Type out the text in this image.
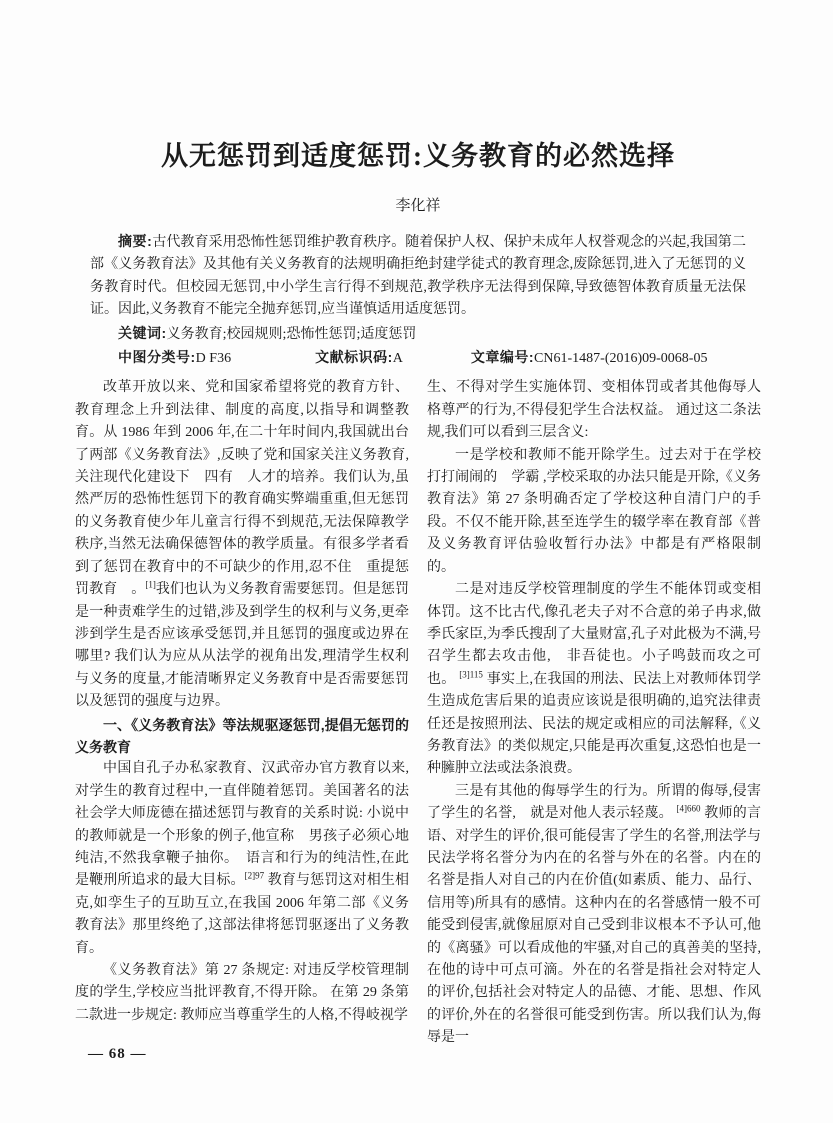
从无惩罚到适度惩罚:义务教育的必然选择
李化祥

摘要:古代教育采用恐怖性惩罚维护教育秩序。随着保护人权、保护未成年人权誉观念的兴起,我国第二部《义务教育法》及其他有关义务教育的法规明确拒绝封建学徒式的教育理念,废除惩罚,进入了无惩罚的义务教育时代。但校园无惩罚,中小学生言行得不到规范,教学秩序无法得到保障,导致德智体教育质量无法保证。因此,义务教育不能完全抛弃惩罚,应当谨慎适用适度惩罚。

关键词:义务教育;校园规则;恐怖性惩罚;适度惩罚

中图分类号:D F36	文献标识码:A	文章编号:CN61-1487-(2016)09-0068-05

改革开放以来、党和国家希望将党的教育方针、教育理念上升到法律、制度的高度,以指导和调整教育。从 1986 年到 2006 年,在二十年时间内,我国就出台了两部《义务教育法》,反映了党和国家关注义务教育,关注现代化建设下　四有　人才的培养。我们认为,虽然严厉的恐怖性惩罚下的教育确实弊端重重,但无惩罚的义务教育使少年儿童言行得不到规范,无法保障教学秩序,当然无法确保德智体的教学质量。有很多学者看到了惩罚在教育中的不可缺少的作用,忍不住　重提惩罚教育　。[1]我们也认为义务教育需要惩罚。但是惩罚是一种责难学生的过错,涉及到学生的权利与义务,更牵涉到学生是否应该承受惩罚,并且惩罚的强度或边界在哪里? 我们认为应从从法学的视角出发,理清学生权利与义务的度量,才能清晰界定义务教育中是否需要惩罚以及惩罚的强度与边界。

一、《义务教育法》等法规驱逐惩罚,提倡无惩罚的义务教育

中国自孔子办私家教育、汉武帝办官方教育以来,对学生的教育过程中,一直伴随着惩罚。美国著名的法社会学大师庞德在描述惩罚与教育的关系时说: 小说中的教师就是一个形象的例子,他宣称　男孩子必须心地纯洁,不然我拿鞭子抽你。　语言和行为的纯洁性,在此是鞭刑所追求的最大目标。$^{[2]97}$ 教育与惩罚这对相生相克,如孪生子的互助互立,在我国 2006 年第二部《义务教育法》那里终绝了,这部法律将惩罚驱逐出了义务教育。

《义务教育法》第 27 条规定: 对违反学校管理制度的学生,学校应当批评教育,不得开除。 在第 29 条第二款进一步规定: 教师应当尊重学生的人格,不得岐视学

生、不得对学生实施体罚、变相体罚或者其他侮辱人格尊严的行为,不得侵犯学生合法权益。 通过这二条法规,我们可以看到三层含义:

一是学校和教师不能开除学生。过去对于在学校打打闹闹的　学霸 ,学校采取的办法只能是开除,《义务教育法》第 27 条明确否定了学校这种自清门户的手段。不仅不能开除,甚至连学生的辍学率在教育部《普及义务教育评估验收暂行办法》中都是有严格限制的。

二是对违反学校管理制度的学生不能体罚或变相体罚。这不比古代,像孔老夫子对不合意的弟子冉求,做季氏家臣,为季氏搜刮了大量财富,孔子对此极为不满,号召学生都去攻击他,　非吾徒也。小子鸣鼓而攻之可也。 $^{[3]115}$ 事实上,在我国的刑法、民法上对教师体罚学生造成危害后果的追责应该说是很明确的,追究法律责任还是按照刑法、民法的规定或相应的司法解释,《义务教育法》的类似规定,只能是再次重复,这恐怕也是一种臃肿立法或法条浪费。

三是有其他的侮辱学生的行为。所谓的侮辱,侵害了学生的名誉,　就是对他人表示轻蔑。 $^{[4]660}$ 教师的言语、对学生的评价,很可能侵害了学生的名誉,刑法学与民法学将名誉分为内在的名誉与外在的名誉。内在的名誉是指人对自己的内在价值(如素质、能力、品行、信用等)所具有的感情。这种内在的名誉感情一般不可能受到侵害,就像屈原对自己受到非议根本不予认可,他的《离骚》可以看成他的牢骚,对自己的真善美的坚持,在他的诗中可点可滴。外在的名誉是指社会对特定人的评价,包括社会对特定人的品德、才能、思想、作风的评价,外在的名誉很可能受到伤害。所以我们认为,侮辱是一

— 68 —
